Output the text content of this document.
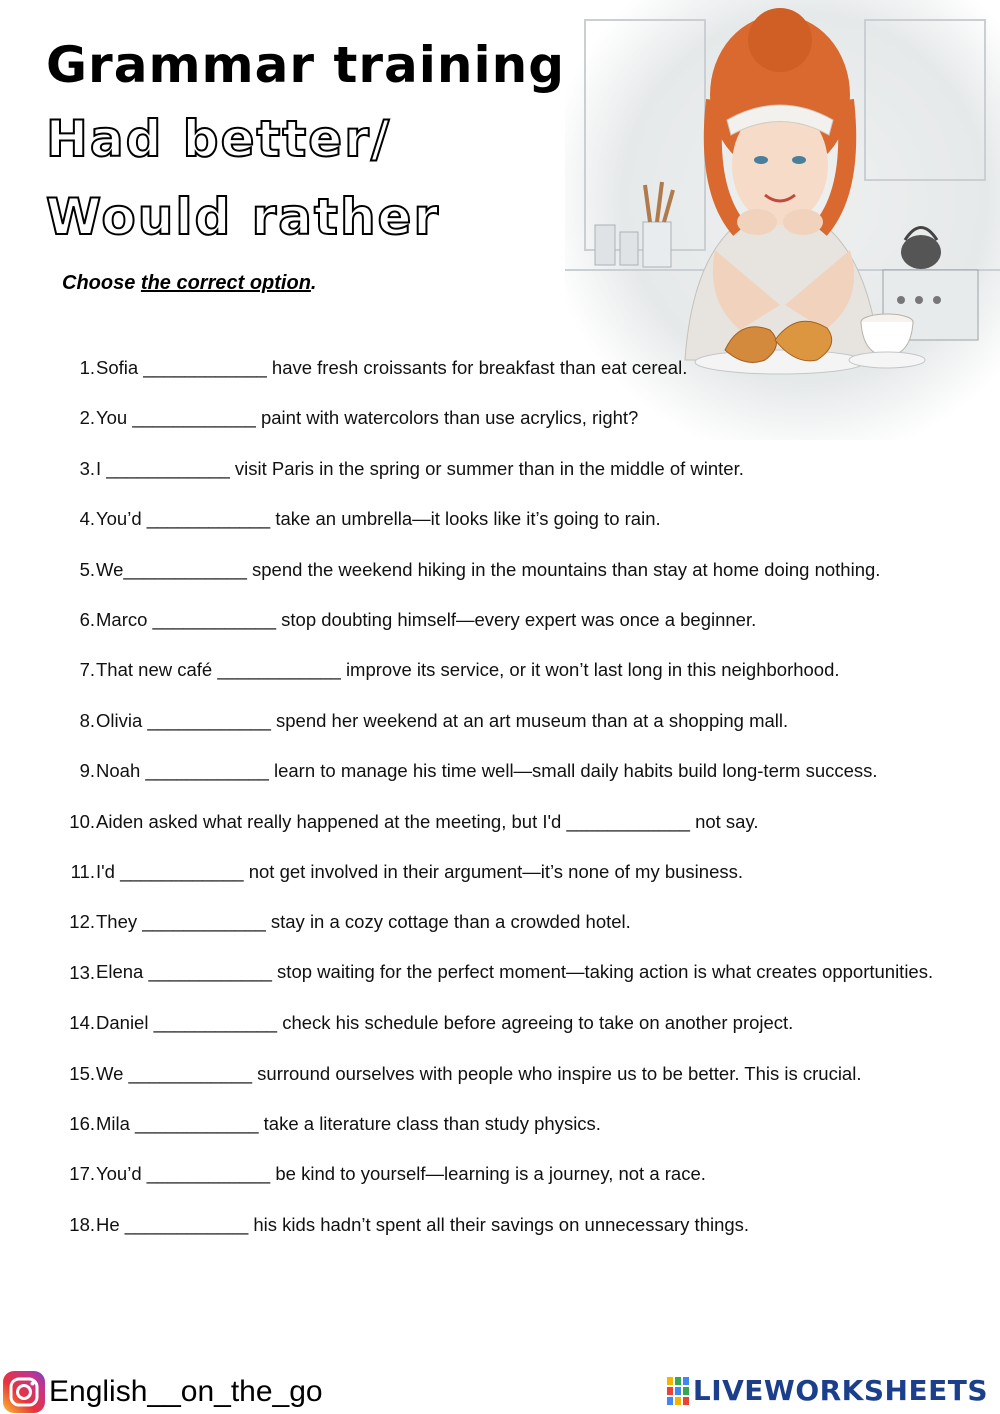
Grammar training
Had better/
Would rather

Choose the correct option.

1. Sofia ____________ have fresh croissants for breakfast than eat cereal.
2. You ____________ paint with watercolors than use acrylics, right?
3. I ____________ visit Paris in the spring or summer than in the middle of winter.
4. You’d ____________ take an umbrella—it looks like it’s going to rain.
5. We____________ spend the weekend hiking in the mountains than stay at home doing nothing.
6. Marco ____________ stop doubting himself—every expert was once a beginner.
7. That new café ____________ improve its service, or it won’t last long in this neighborhood.
8. Olivia ____________ spend her weekend at an art museum than at a shopping mall.
9. Noah ____________ learn to manage his time well—small daily habits build long-term success.
10. Aiden asked what really happened at the meeting, but I'd ____________ not say.
11. I'd ____________ not get involved in their argument—it’s none of my business.
12. They ____________ stay in a cozy cottage than a crowded hotel.
13. Elena ____________ stop waiting for the perfect moment—taking action is what creates opportunities.
14. Daniel ____________ check his schedule before agreeing to take on another project.
15. We ____________ surround ourselves with people who inspire us to be better. This is crucial.
16. Mila ____________ take a literature class than study physics.
17. You’d ____________ be kind to yourself—learning is a journey, not a race.
18. He ____________ his kids hadn’t spent all their savings on unnecessary things.
English__on_the_go	LIVEWORKSHEETS
